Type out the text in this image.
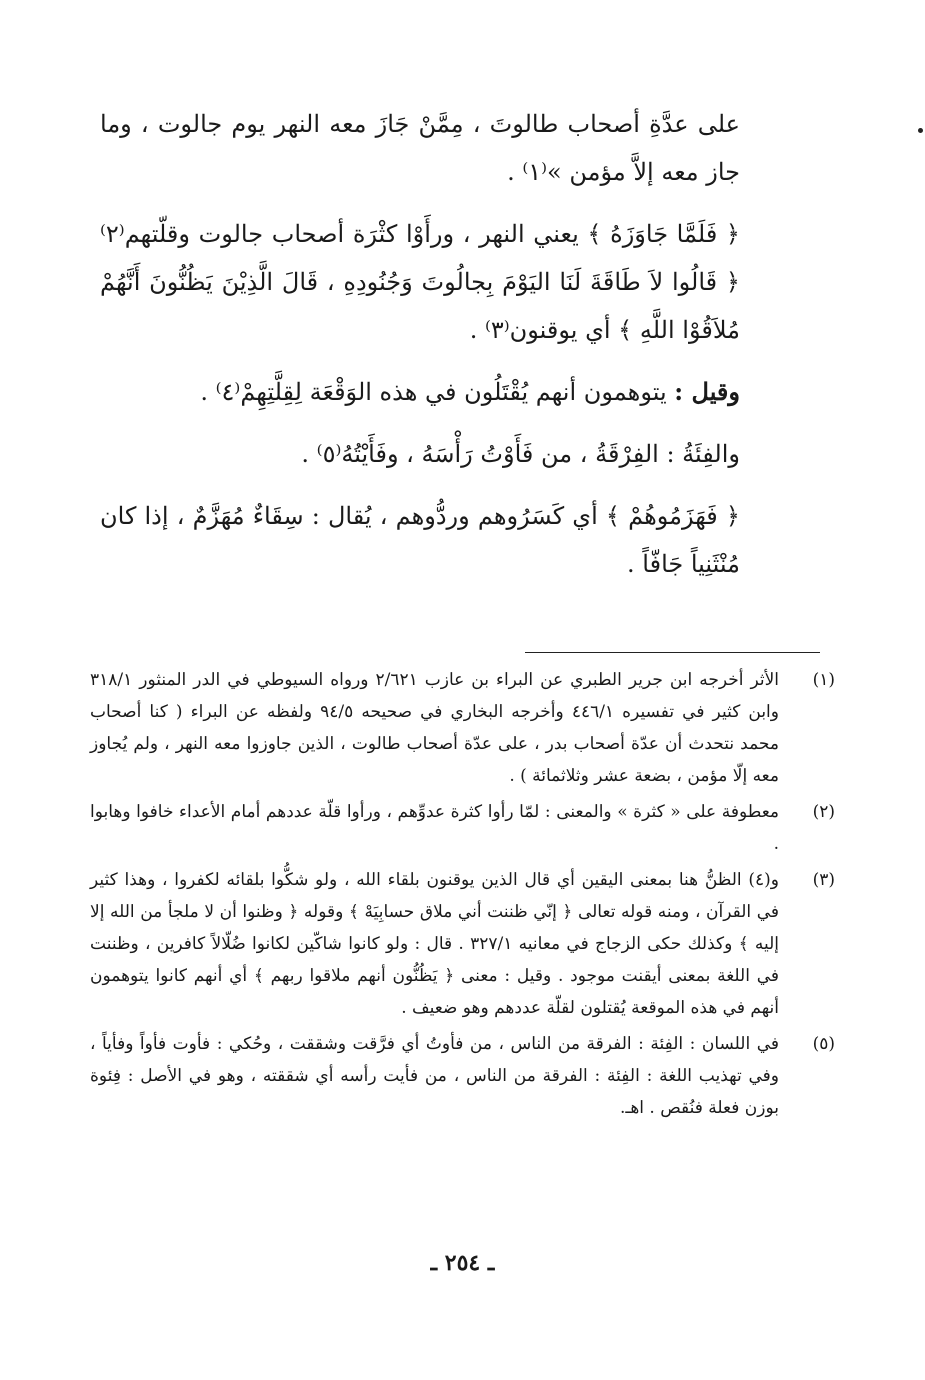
على عدَّةِ أصحاب طالوتَ ، مِمَّنْ جَازَ معه النهر يوم جالوت ، وما جاز معه إلاَّ مؤمن »⁽١⁾ .

﴿ فَلَمَّا جَاوَزَهُ ﴾ يعني النهر ، ورأَوْا كثْرَة أصحاب جالوت وقلّتهم⁽٢⁾ ﴿ قَالُوا لاَ طَاقَةَ لَنَا اليَوْمَ بِجالُوتَ وَجُنُودِهِ ، قَالَ الَّذِيْنَ يَظُنُّونَ أَنَّهُمْ مُلاَقُوْا اللَّهِ ﴾ أي يوقنون⁽٣⁾ .

وقيل : يتوهمون أنهم يُقْتَلُون في هذه الوَقْعَة لِقِلَّتِهِمْ⁽٤⁾ .

والفِئَةُ : الفِرْقَةُ ، من فَأَوْتُ رَأْسَهُ ، وفَأَيْتُهُ⁽٥⁾ .

﴿ فَهَزَمُوهُمْ ﴾ أي كَسَرُوهم وردُّوهم ، يُقال : سِقَاءٌ مُهَزَّمٌ ، إذا كان مُنْثَنِياً جَافّاً .

(١)
الأثر أخرجه ابن جرير الطبري عن البراء بن عازب ٢/٦٢١ ورواه السيوطي في الدر المنثور ٣١٨/١ وابن كثير في تفسيره ٤٤٦/١ وأخرجه البخاري في صحيحه ٩٤/٥ ولفظه عن البراء ( كنا أصحاب محمد نتحدث أن عدّة أصحاب بدر ، على عدّة أصحاب طالوت ، الذين جاوزوا معه النهر ، ولم يُجاوز معه إلّا مؤمن ، بضعة عشر وثلاثمائة ) .
(٢)
معطوفة على « كثرة » والمعنى : لمّا رأوا كثرة عدوِّهم ، ورأوا قلّة عددهم أمام الأعداء خافوا وهابوا .
(٣)
و(٤) الظنُّ هنا بمعنى اليقين أي قال الذين يوقنون بلقاء الله ، ولو شكُّوا بلقائه لكفروا ، وهذا كثير في القرآن ، ومنه قوله تعالى ﴿ إنّي ظننت أني ملاق حسابِيَهْ ﴾ وقوله ﴿ وظنوا أن لا ملجأ من الله إلا إليه ﴾ وكذلك حكى الزجاج في معانيه ٣٢٧/١ . قال : ولو كانوا شاكّين لكانوا ضُلّالاً كافرين ، وظننت في اللغة بمعنى أيقنت موجود . وقيل : معنى ﴿ يَظُنُّون أنهم ملاقوا ربهم ﴾ أي أنهم كانوا يتوهمون أنهم في هذه الموقعة يُقتلون لقلّة عددهم وهو ضعيف .
(٥)
في اللسان : الفِئة : الفرقة من الناس ، من فأوتُ أي فرَّقت وشققت ، وحُكي : فأوت فأواً وفأياً ، وفي تهذيب اللغة : الفِئة : الفرقة من الناس ، من فأيت رأسه أي شققته ، وهو في الأصل : فِئوة بوزن فعلة فنُقص . اهـ.
ـ ٢٥٤ ـ
